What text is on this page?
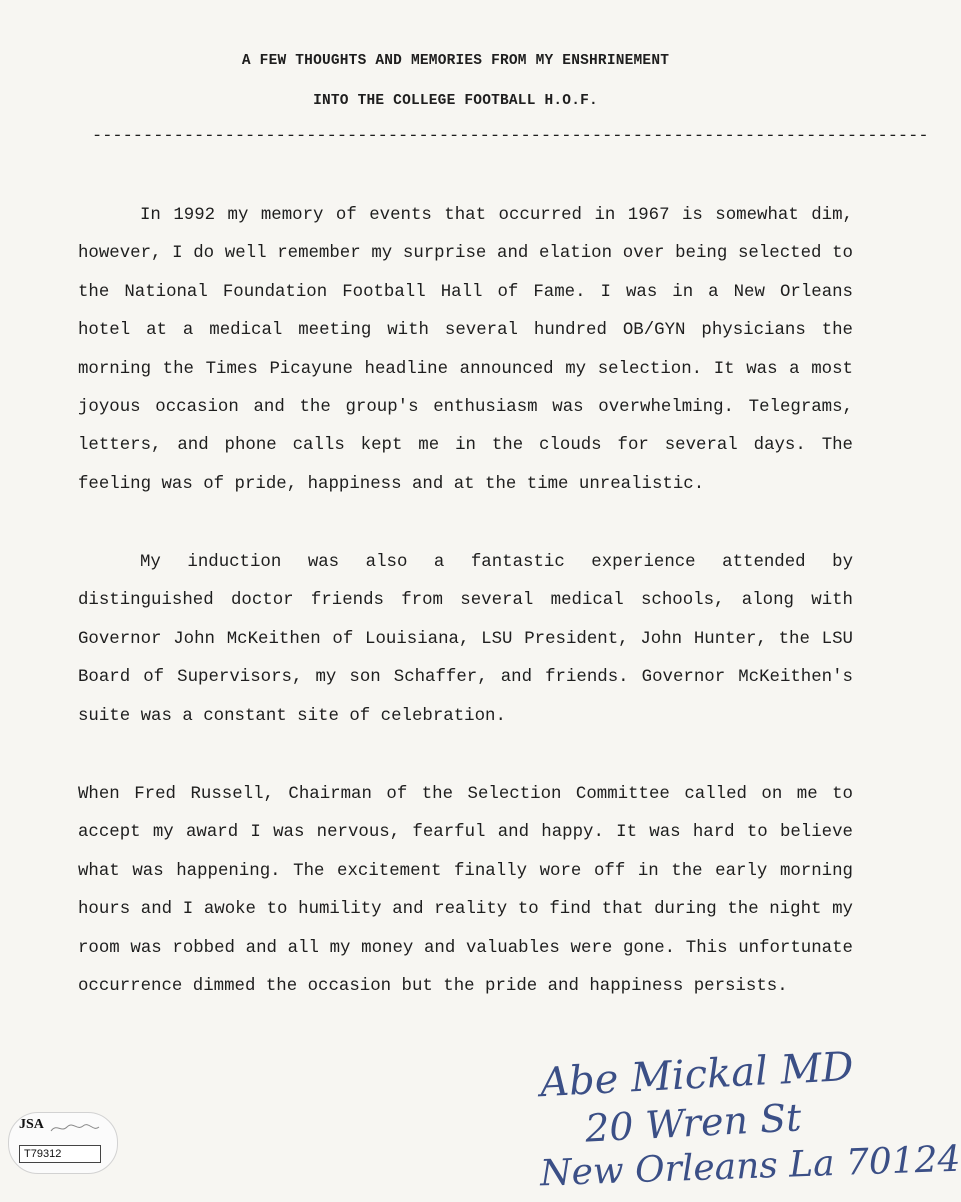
A FEW THOUGHTS AND MEMORIES FROM MY ENSHRINEMENT
INTO THE COLLEGE FOOTBALL H.O.F.
----------------------------------------------------------------------------------

In 1992 my memory of events that occurred in 1967 is somewhat dim, however, I do well remember my surprise and elation over being selected to the National Foundation Football Hall of Fame. I was in a New Orleans hotel at a medical meeting with several hundred OB/GYN physicians the morning the Times Picayune headline announced my selection. It was a most joyous occasion and the group's enthusiasm was overwhelming. Telegrams, letters, and phone calls kept me in the clouds for several days. The feeling was of pride, happiness and at the time unrealistic.

My induction was also a fantastic experience attended by distinguished doctor friends from several medical schools, along with Governor John McKeithen of Louisiana, LSU President, John Hunter, the LSU Board of Supervisors, my son Schaffer, and friends. Governor McKeithen's suite was a constant site of celebration.

When Fred Russell, Chairman of the Selection Committee called on me to accept my award I was nervous, fearful and happy. It was hard to believe what was happening. The excitement finally wore off in the early morning hours and I awoke to humility and reality to find that during the night my room was robbed and all my money and valuables were gone. This unfortunate occurrence dimmed the occasion but the pride and happiness persists.

Abe Mickal MD
20 Wren St
New Orleans La 70124
JSA
T79312
